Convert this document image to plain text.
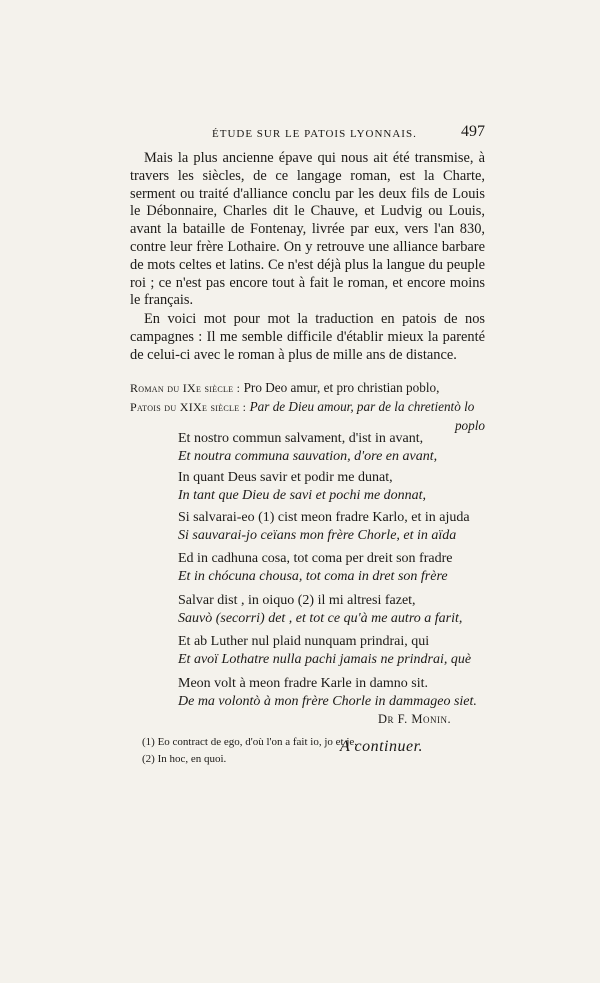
ÉTUDE SUR LE PATOIS LYONNAIS.	497

Mais la plus ancienne épave qui nous ait été transmise, à travers les siècles, de ce langage roman, est la Charte, serment ou traité d'alliance conclu par les deux fils de Louis le Débonnaire, Charles dit le Chauve, et Ludvig ou Louis, avant la bataille de Fontenay, livrée par eux, vers l'an 830, contre leur frère Lothaire. On y retrouve une alliance barbare de mots celtes et latins. Ce n'est déjà plus la langue du peuple roi ; ce n'est pas encore tout à fait le roman, et encore moins le français.

En voici mot pour mot la traduction en patois de nos campagnes : Il me semble difficile d'établir mieux la parenté de celui-ci avec le roman à plus de mille ans de distance.

Roman du IXe siècle : Pro Deo amur, et pro christian poblo,
Patois du XIXe siècle : Par de Dieu amour, par de la chretientò lo
poplo
Et nostro commun salvament, d'ist in avant,
Et noutra communa sauvation, d'ore en avant,
In quant Deus savir et podir me dunat,
In tant que Dieu de savi et pochi me donnat,
Si salvarai-eo (1) cist meon fradre Karlo, et in ajuda
Si sauvarai-jo ceïans mon frère Chorle, et in aïda
Ed in cadhuna cosa, tot coma per dreit son fradre
Et in chócuna chousa, tot coma in dret son frère
Salvar dist , in oiquo (2) il mi altresi fazet,
Sauvò (secorri) det , et tot ce qu'à me autro a farit,
Et ab Luther nul plaid nunquam prindrai, qui
Et avoï Lothatre nulla pachi jamais ne prindrai, què
Meon volt à meon fradre Karle in damno sit.
De ma volontò à mon frère Chorle in dammageo siet.
Dr F. Monin.
(1) Eo contract de ego, d'où l'on a fait io, jo et je.
(2) In hoc, en quoi.
A continuer.
